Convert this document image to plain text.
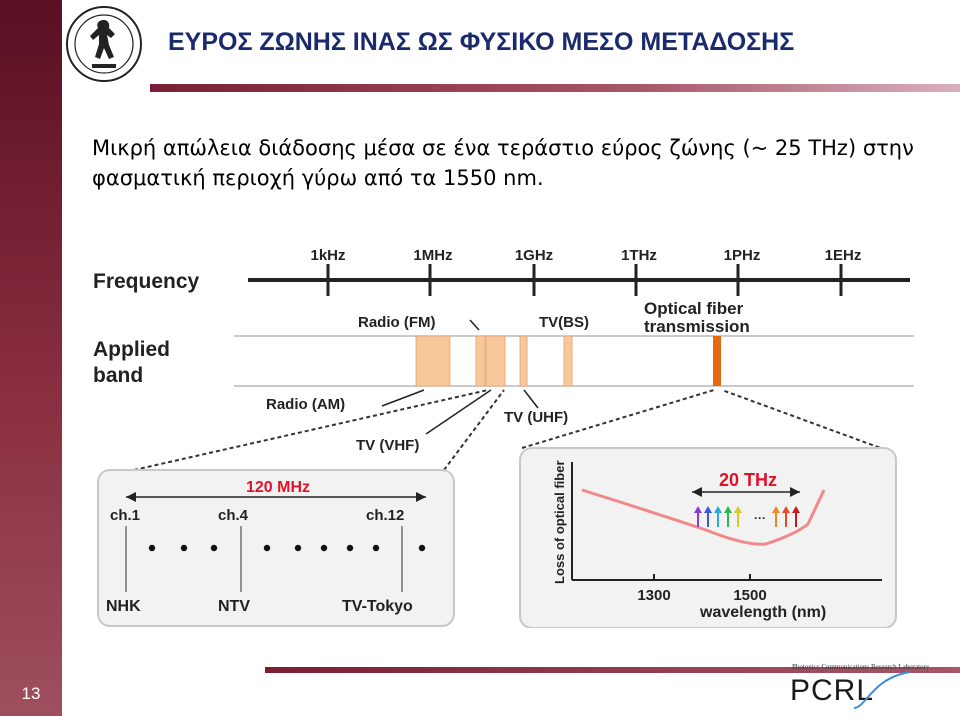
13
ΕΥΡΟΣ ΖΩΝΗΣ ΙΝΑΣ ΩΣ ΦΥΣΙΚΟ ΜΕΣΟ ΜΕΤΑΔΟΣΗΣ
Μικρή απώλεια διάδοσης μέσα σε ένα τεράστιο εύρος ζώνης (~ 25 THz) στην
φασματική περιοχή γύρω από τα 1550 nm.
Frequency
1kHz	1MHz	1GHz	1THz	1PHz	1EHz
Applied
band
Radio (FM)	TV(BS)
Optical fiber
transmission
Radio (AM)
TV (UHF)
TV (VHF)
120 MHz
ch.1	ch.4	ch.12
NHK	NTV	TV-Tokyo
Loss of optical fiber
1300	1500
wavelength (nm)
20 THz
···
Photonics Communications Research Laboratory
PCRL
